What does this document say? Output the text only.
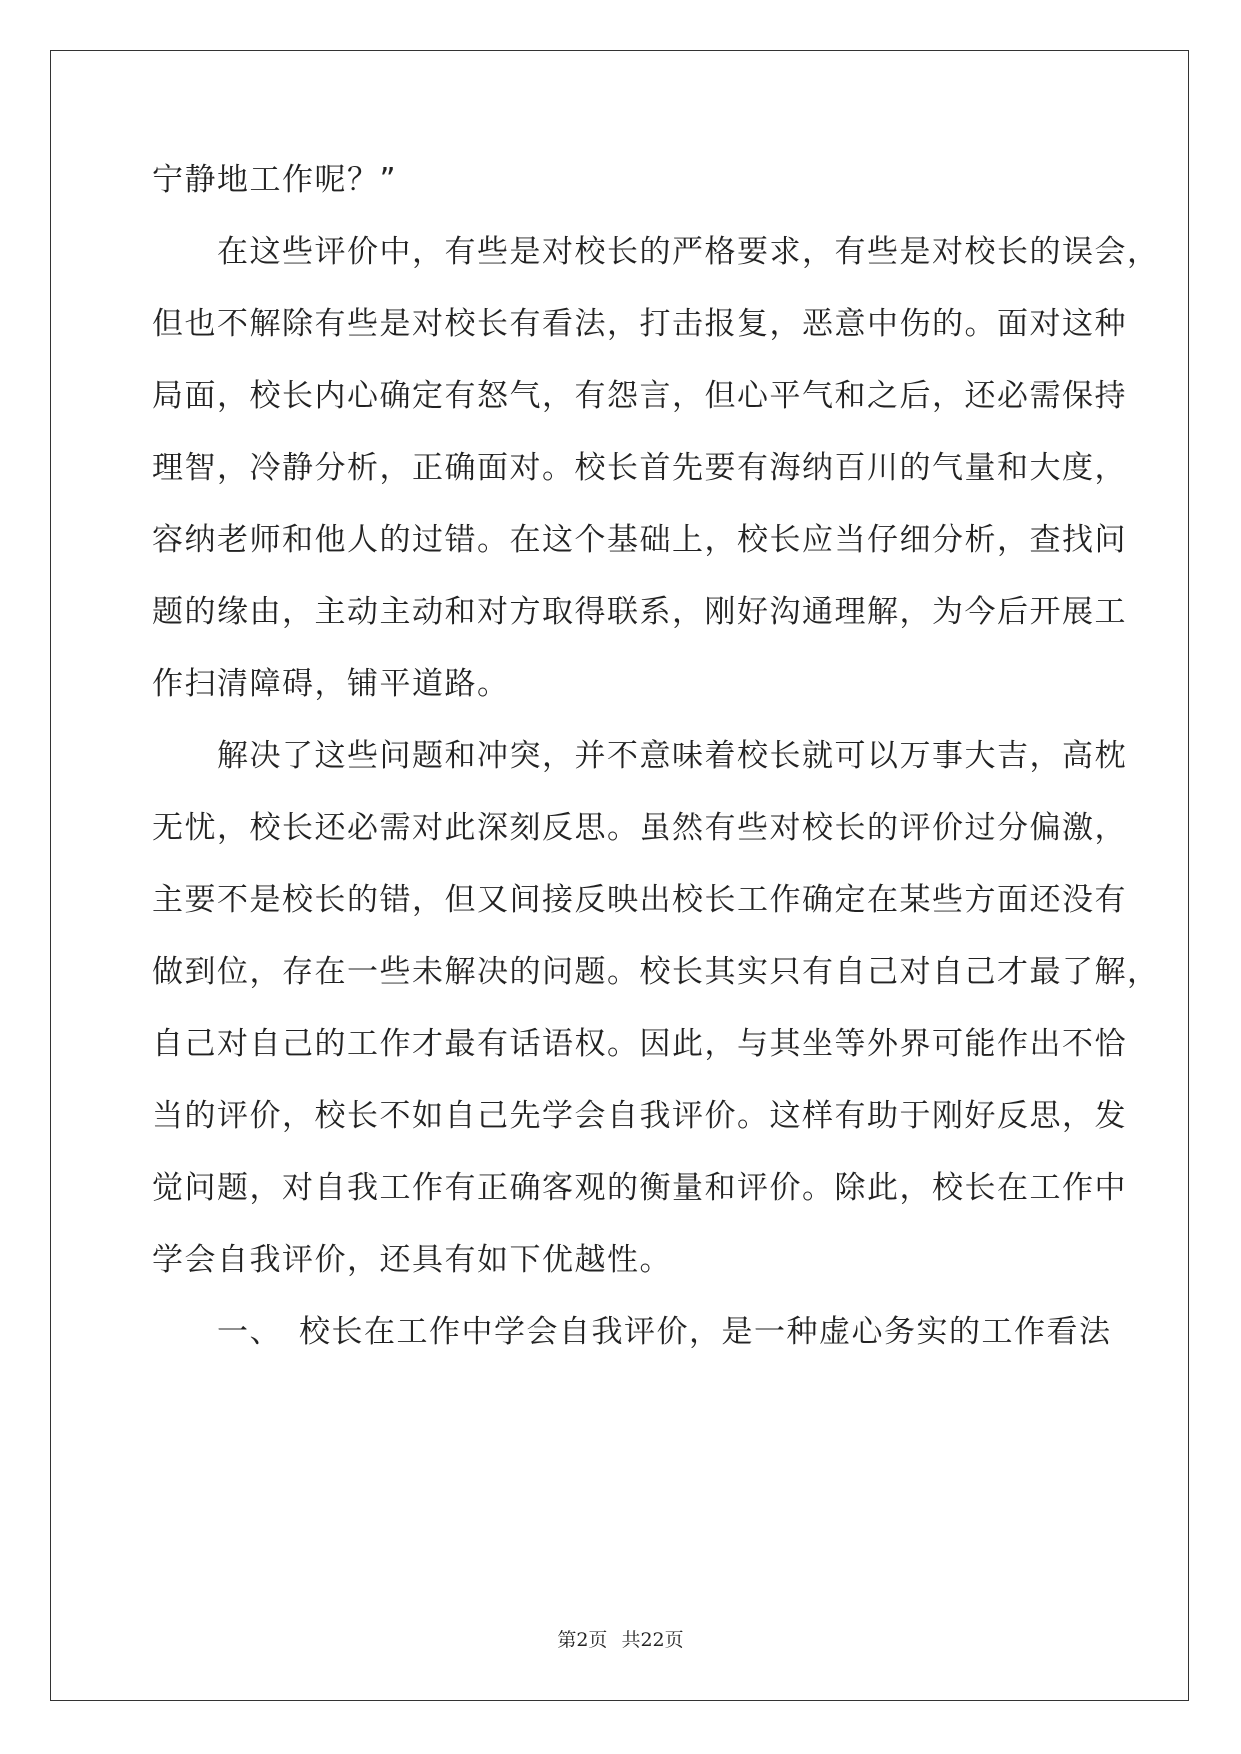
宁静地工作呢？”
　　在这些评价中，有些是对校长的严格要求，有些是对校长的误会，
但也不解除有些是对校长有看法，打击报复，恶意中伤的。面对这种
局面，校长内心确定有怒气，有怨言，但心平气和之后，还必需保持
理智，冷静分析，正确面对。校长首先要有海纳百川的气量和大度，
容纳老师和他人的过错。在这个基础上，校长应当仔细分析，查找问
题的缘由，主动主动和对方取得联系，刚好沟通理解，为今后开展工
作扫清障碍，铺平道路。
　　解决了这些问题和冲突，并不意味着校长就可以万事大吉，高枕
无忧，校长还必需对此深刻反思。虽然有些对校长的评价过分偏激，
主要不是校长的错，但又间接反映出校长工作确定在某些方面还没有
做到位，存在一些未解决的问题。校长其实只有自己对自己才最了解，
自己对自己的工作才最有话语权。因此，与其坐等外界可能作出不恰
当的评价，校长不如自己先学会自我评价。这样有助于刚好反思，发
觉问题，对自我工作有正确客观的衡量和评价。除此，校长在工作中
学会自我评价，还具有如下优越性。
　　一、　校长在工作中学会自我评价，是一种虚心务实的工作看法
第2页 共22页
